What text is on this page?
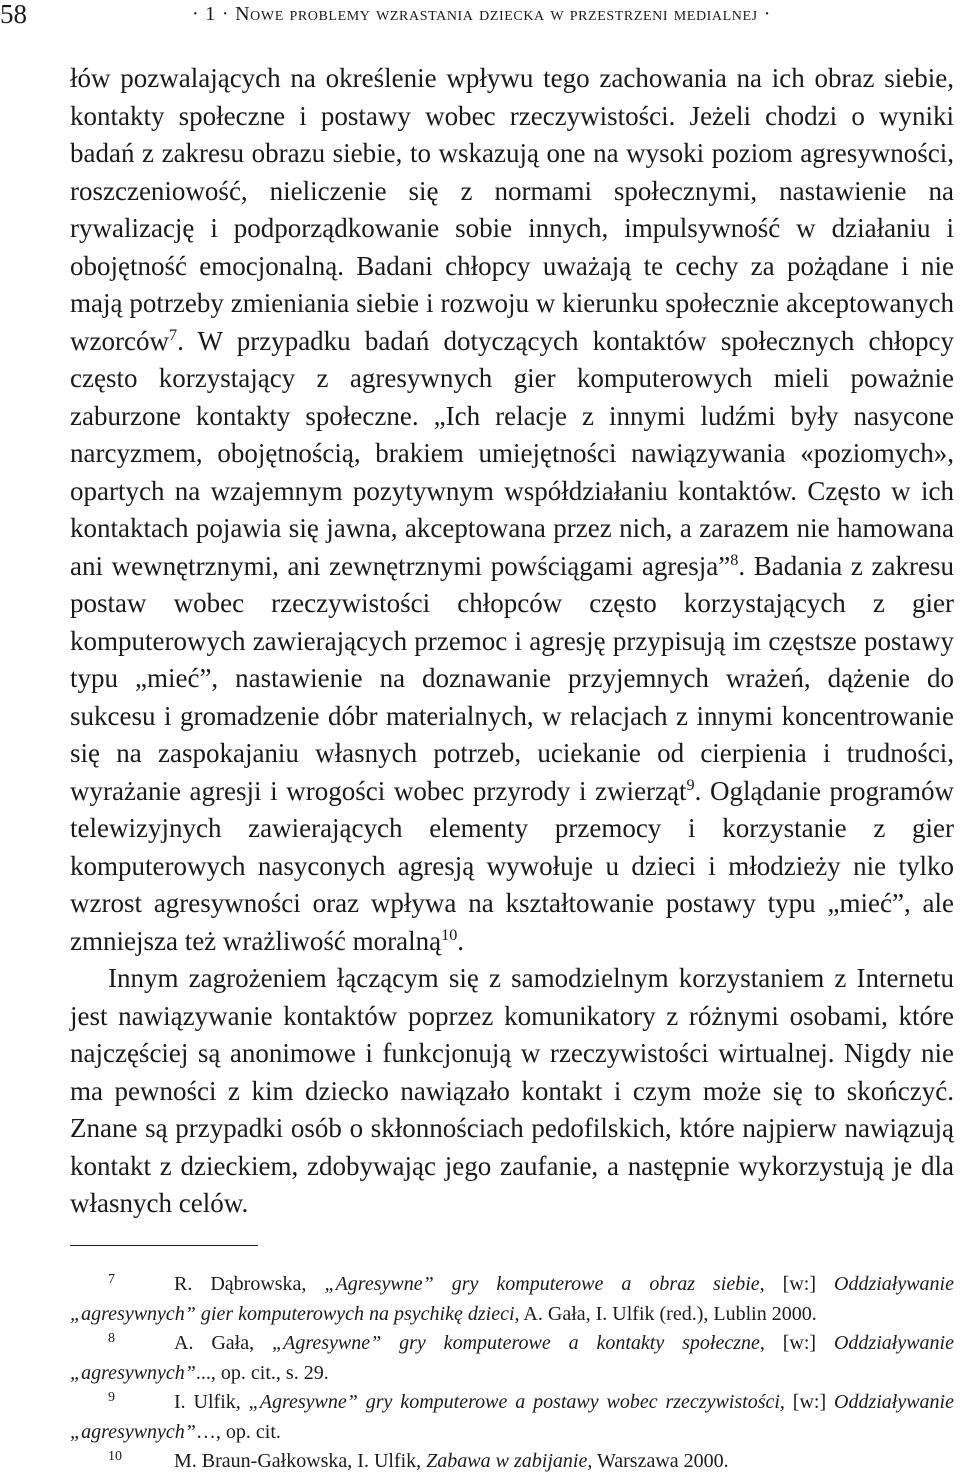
58	· 1 · Nowe problemy wzrastania dziecka w przestrzeni medialnej ·

łów pozwalających na określenie wpływu tego zachowania na ich obraz siebie, kontakty społeczne i postawy wobec rzeczywistości. Jeżeli chodzi o wyniki badań z zakresu obrazu siebie, to wskazują one na wysoki poziom agresywności, roszczeniowość, nieliczenie się z normami społecznymi, nastawienie na rywalizację i podporządkowanie sobie innych, impulsywność w działaniu i obojętność emocjonalną. Badani chłopcy uważają te cechy za pożądane i nie mają potrzeby zmieniania siebie i rozwoju w kierunku społecznie akceptowanych wzorców$^7$. W przypadku badań dotyczących kontaktów społecznych chłopcy często korzystający z agresywnych gier komputerowych mieli poważnie zaburzone kontakty społeczne. „Ich relacje z innymi ludźmi były nasycone narcyzmem, obojętnością, brakiem umiejętności nawiązywania «poziomych», opartych na wzajemnym pozytywnym współdziałaniu kontaktów. Często w ich kontaktach pojawia się jawna, akceptowana przez nich, a zarazem nie hamowana ani wewnętrznymi, ani zewnętrznymi powściągami agresja”$^8$. Badania z zakresu postaw wobec rzeczywistości chłopców często korzystających z gier komputerowych zawierających przemoc i agresję przypisują im częstsze postawy typu „mieć”, nastawienie na doznawanie przyjemnych wrażeń, dążenie do sukcesu i gromadzenie dóbr materialnych, w relacjach z innymi koncentrowanie się na zaspokajaniu własnych potrzeb, uciekanie od cierpienia i trudności, wyrażanie agresji i wrogości wobec przyrody i zwierząt$^9$. Oglądanie programów telewizyjnych zawierających elementy przemocy i korzystanie z gier komputerowych nasyconych agresją wywołuje u dzieci i młodzieży nie tylko wzrost agresywności oraz wpływa na kształtowanie postawy typu „mieć”, ale zmniejsza też wrażliwość moralną$^{10}$.

Innym zagrożeniem łączącym się z samodzielnym korzystaniem z Internetu jest nawiązywanie kontaktów poprzez komunikatory z różnymi osobami, które najczęściej są anonimowe i funkcjonują w rzeczywistości wirtualnej. Nigdy nie ma pewności z kim dziecko nawiązało kontakt i czym może się to skończyć. Znane są przypadki osób o skłonnościach pedofilskich, które najpierw nawiązują kontakt z dzieckiem, zdobywając jego zaufanie, a następnie wykorzystują je dla własnych celów.

7	R. Dąbrowska, „Agresywne” gry komputerowe a obraz siebie, [w:] Oddziaływanie „agresywnych” gier komputerowych na psychikę dzieci, A. Gała, I. Ulfik (red.), Lublin 2000.

8	A. Gała, „Agresywne” gry komputerowe a kontakty społeczne, [w:] Oddziaływanie „agresywnych”..., op. cit., s. 29.

9	I. Ulfik, „Agresywne” gry komputerowe a postawy wobec rzeczywistości, [w:] Oddziaływanie „agresywnych”…, op. cit.

10	M. Braun-Gałkowska, I. Ulfik, Zabawa w zabijanie, Warszawa 2000.
